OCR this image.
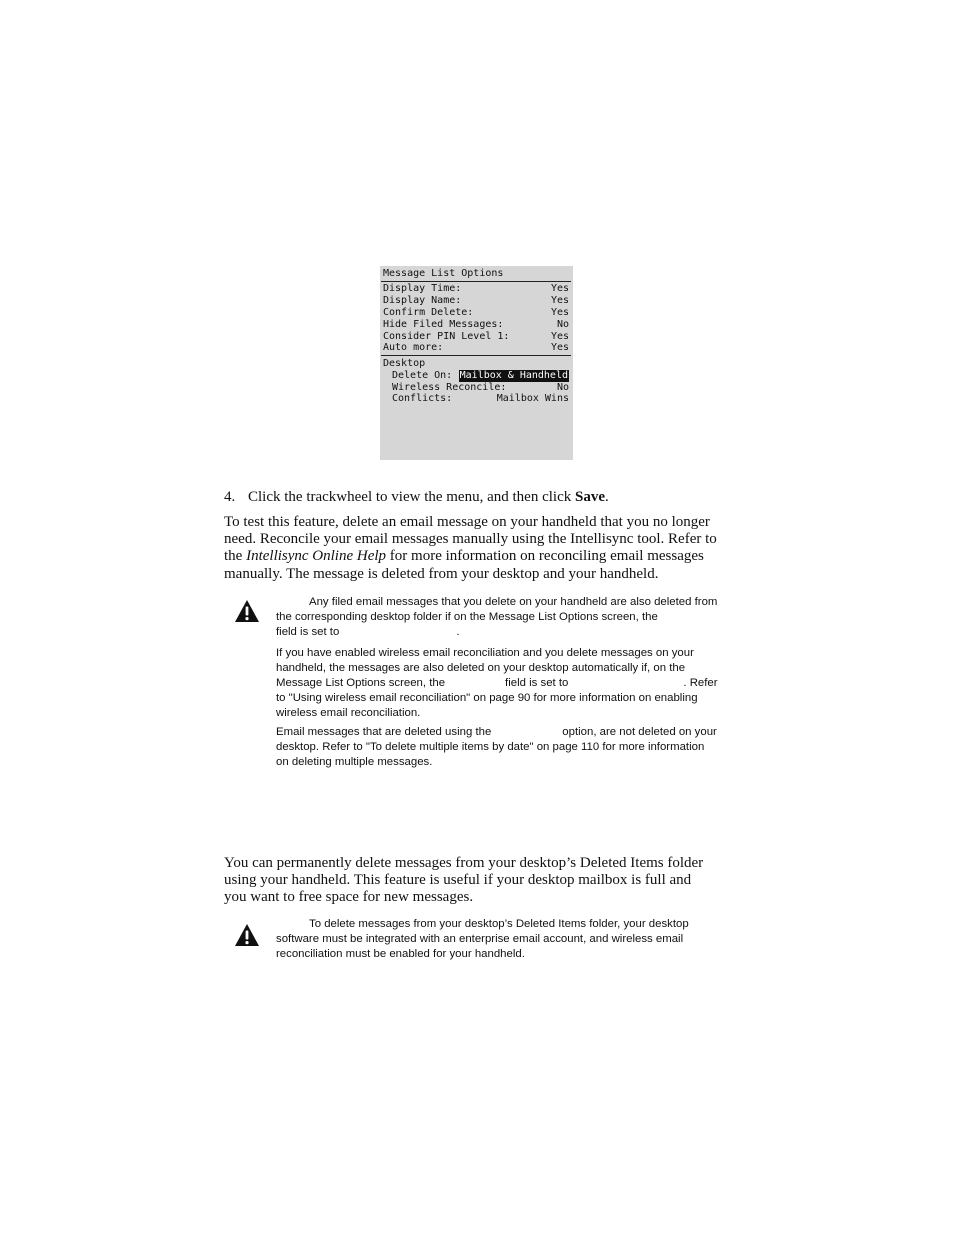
Message List Options
Display Time:	Yes
Display Name:	Yes
Confirm Delete:	Yes
Hide Filed Messages:	No
Consider PIN Level 1:	Yes
Auto more:	Yes
Desktop
Delete On: Mailbox & Handheld
Wireless Reconcile:	No
Conflicts:	Mailbox Wins
4. Click the trackwheel to view the menu, and then click Save.
To test this feature, delete an email message on your handheld that you no longer
need. Reconcile your email messages manually using the Intellisync tool. Refer to
the Intellisync Online Help for more information on reconciling email messages
manually. The message is deleted from your desktop and your handheld.
Any filed email messages that you delete on your handheld are also deleted from
the corresponding desktop folder if on the Message List Options screen, the
field is set to	.
If you have enabled wireless email reconciliation and you delete messages on your
handheld, the messages are also deleted on your desktop automatically if, on the
Message List Options screen, the	field is set to	. Refer
to "Using wireless email reconciliation" on page 90 for more information on enabling
wireless email reconciliation.
Email messages that are deleted using the	option, are not deleted on your
desktop. Refer to "To delete multiple items by date" on page 110 for more information
on deleting multiple messages.
You can permanently delete messages from your desktop’s Deleted Items folder
using your handheld. This feature is useful if your desktop mailbox is full and
you want to free space for new messages.
To delete messages from your desktop’s Deleted Items folder, your desktop
software must be integrated with an enterprise email account, and wireless email
reconciliation must be enabled for your handheld.
